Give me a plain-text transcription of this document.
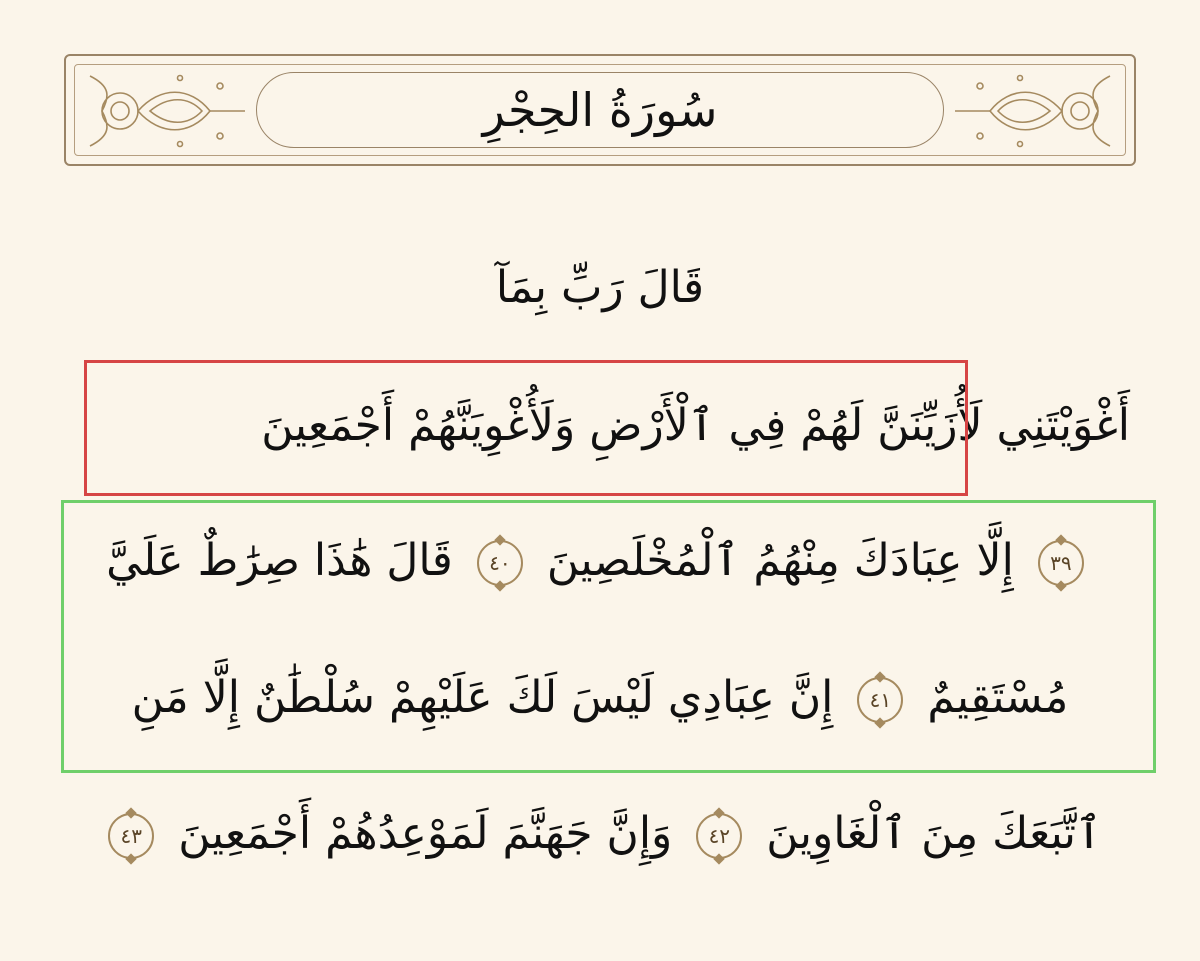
سُورَةُ الحِجْرِ
قَالَ رَبِّ بِمَآ
أَغْوَيْتَنِي لَأُزَيِّنَنَّ لَهُمْ فِي ٱلْأَرْضِ وَلَأُغْوِيَنَّهُمْ أَجْمَعِينَ
٣٩ إِلَّا عِبَادَكَ مِنْهُمُ ٱلْمُخْلَصِينَ ٤٠ قَالَ هَٰذَا صِرَٰطٌ عَلَيَّ
مُسْتَقِيمٌ ٤١ إِنَّ عِبَادِي لَيْسَ لَكَ عَلَيْهِمْ سُلْطَٰنٌ إِلَّا مَنِ
ٱتَّبَعَكَ مِنَ ٱلْغَاوِينَ ٤٢ وَإِنَّ جَهَنَّمَ لَمَوْعِدُهُمْ أَجْمَعِينَ ٤٣
